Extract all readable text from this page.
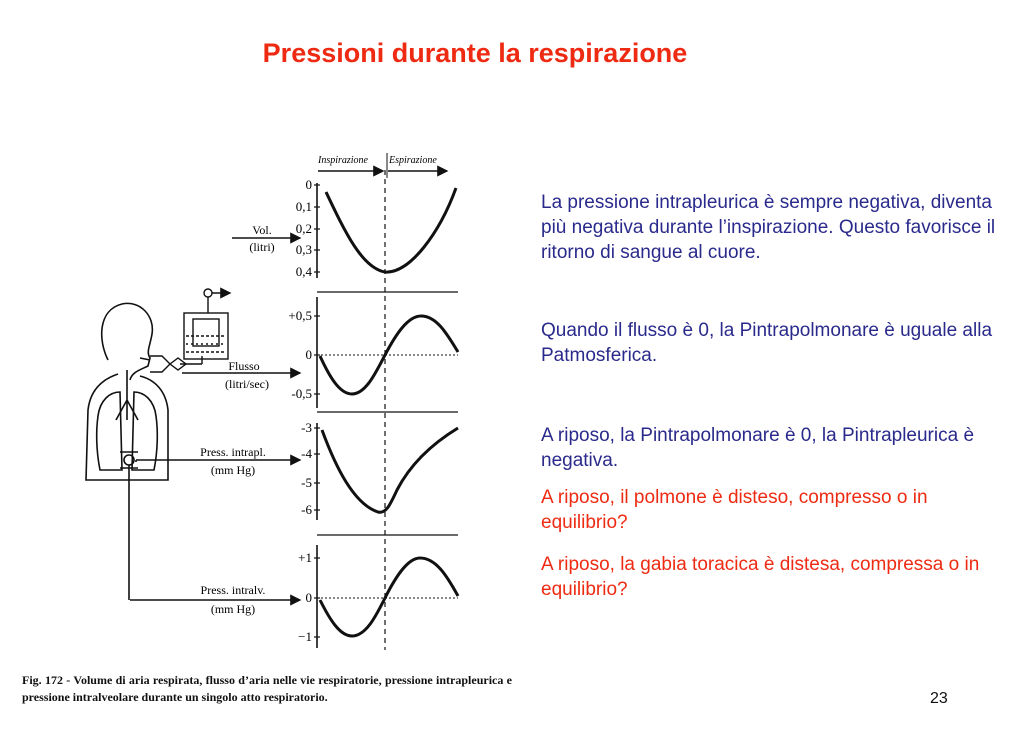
Pressioni durante la respirazione
Inspirazione Espirazione
0
0,1
0,2
0,3
0,4
Vol.
(litri)
+0,5
0
-0,5
Flusso
(litri/sec)
-3
-4
-5
-6
Press. intrapl.
(mm Hg)
+1
0
−1
Press. intralv.
(mm Hg)
La pressione intrapleurica è sempre negativa, diventa più negativa durante l’inspirazione. Questo favorisce il ritorno di sangue al cuore.
Quando il flusso è 0, la Pintrapolmonare è uguale alla Patmosferica.
A riposo, la Pintrapolmonare è 0, la Pintrapleurica è negativa.
A riposo, il polmone è disteso, compresso o in equilibrio?
A riposo, la gabia toracica è distesa, compressa o in equilibrio?
Fig. 172 - Volume di aria respirata, flusso d’aria nelle vie respiratorie, pressione intrapleurica e pressione intralveolare durante un singolo atto respiratorio.	23
